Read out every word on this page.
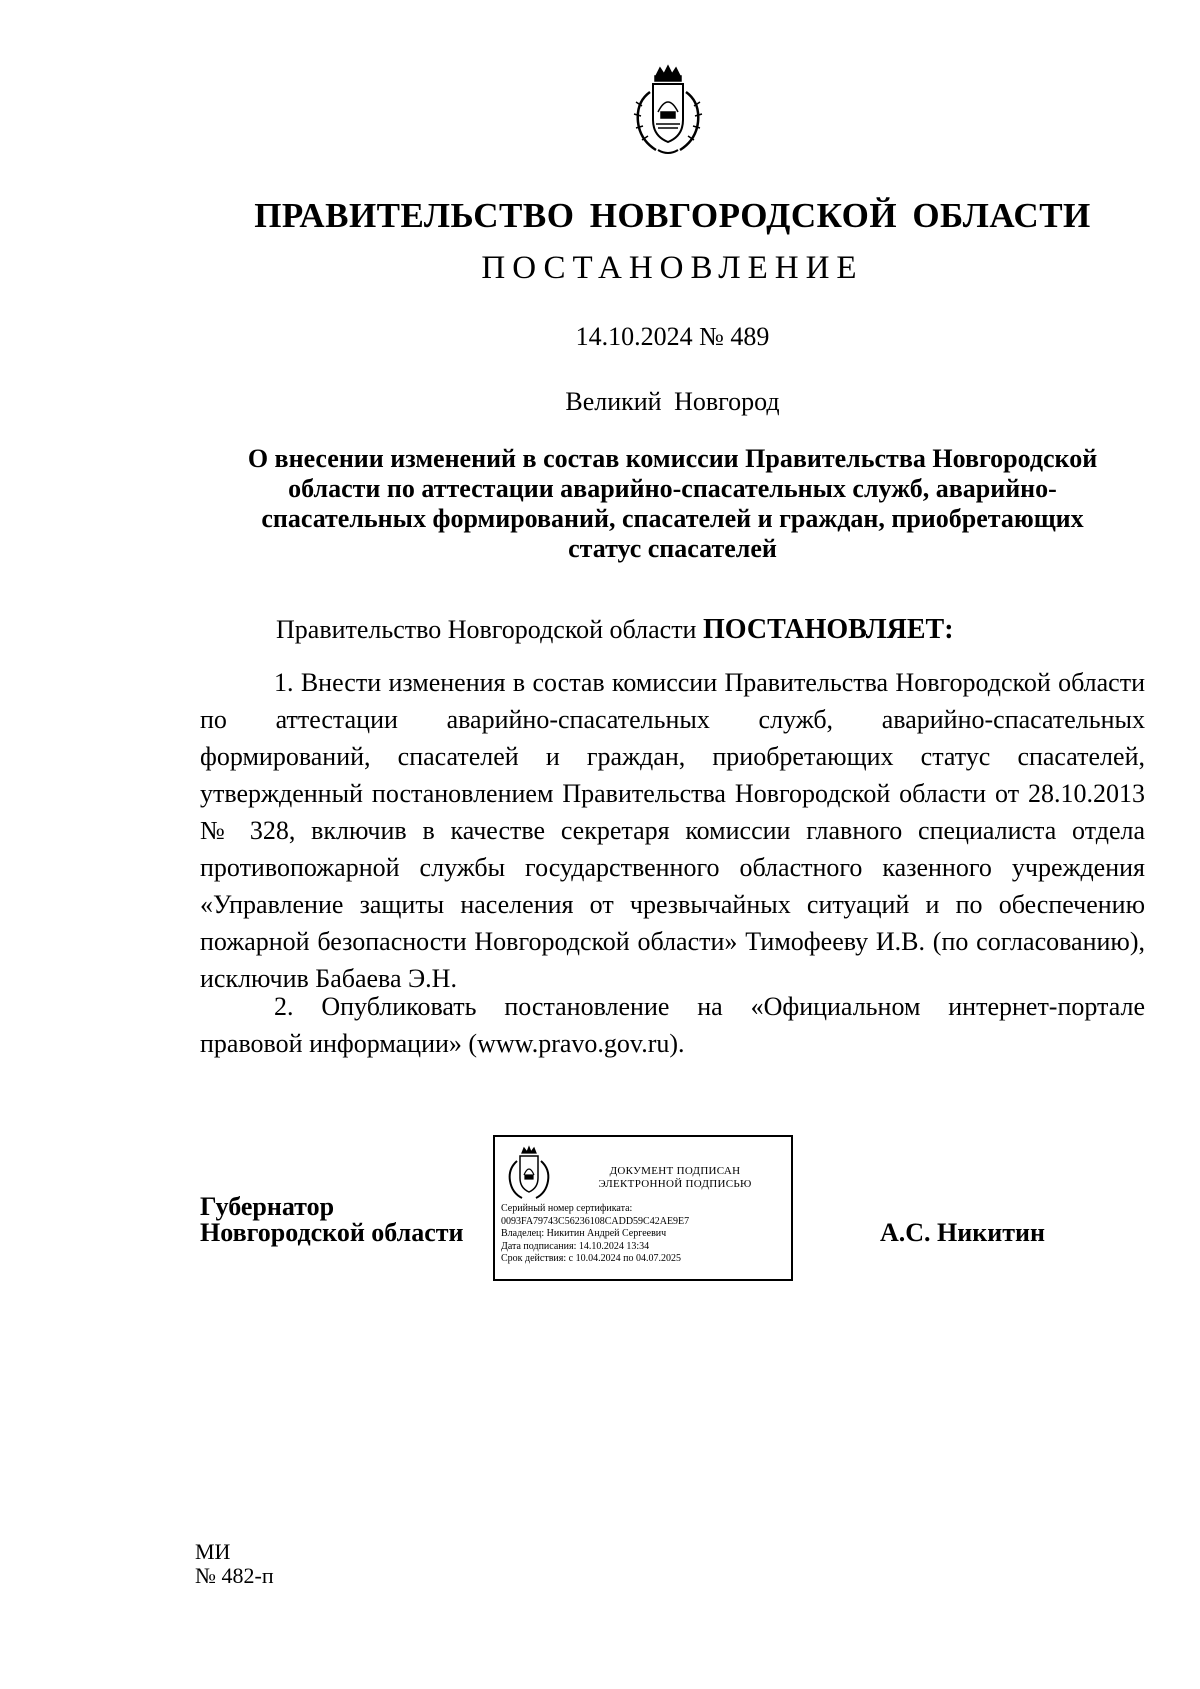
ПРАВИТЕЛЬСТВО НОВГОРОДСКОЙ ОБЛАСТИ
ПОСТАНОВЛЕНИЕ
14.10.2024 № 489
Великий Новгород
О внесении изменений в состав комиссии Правительства Новгородской
области по аттестации аварийно-спасательных служб, аварийно-
спасательных формирований, спасателей и граждан, приобретающих
статус спасателей
Правительство Новгородской области ПОСТАНОВЛЯЕТ:

1. Внести изменения в состав комиссии Правительства Новгородской области по аттестации аварийно-спасательных служб, аварийно-спасательных формирований, спасателей и граждан, приобретающих статус спасателей, утвержденный постановлением Правительства Новгородской области от 28.10.2013 № 328, включив в качестве секретаря комиссии главного специалиста отдела противопожарной службы государственного областного казенного учреждения «Управление защиты населения от чрезвычайных ситуаций и по обеспечению пожарной безопасности Новгородской области» Тимофееву И.В. (по согласованию), исключив Бабаева Э.Н.

2. Опубликовать постановление на «Официальном интернет-портале правовой информации» (www.pravo.gov.ru).

Губернатор
Новгородской области
ДОКУМЕНТ ПОДПИСАН
ЭЛЕКТРОННОЙ ПОДПИСЬЮ
Серийный номер сертификата:
0093FA79743C56236108CADD59C42AE9E7
Владелец: Никитин Андрей Сергеевич
Дата подписания: 14.10.2024 13:34
Срок действия: с 10.04.2024 по 04.07.2025
А.С. Никитин
МИ
№ 482-п
